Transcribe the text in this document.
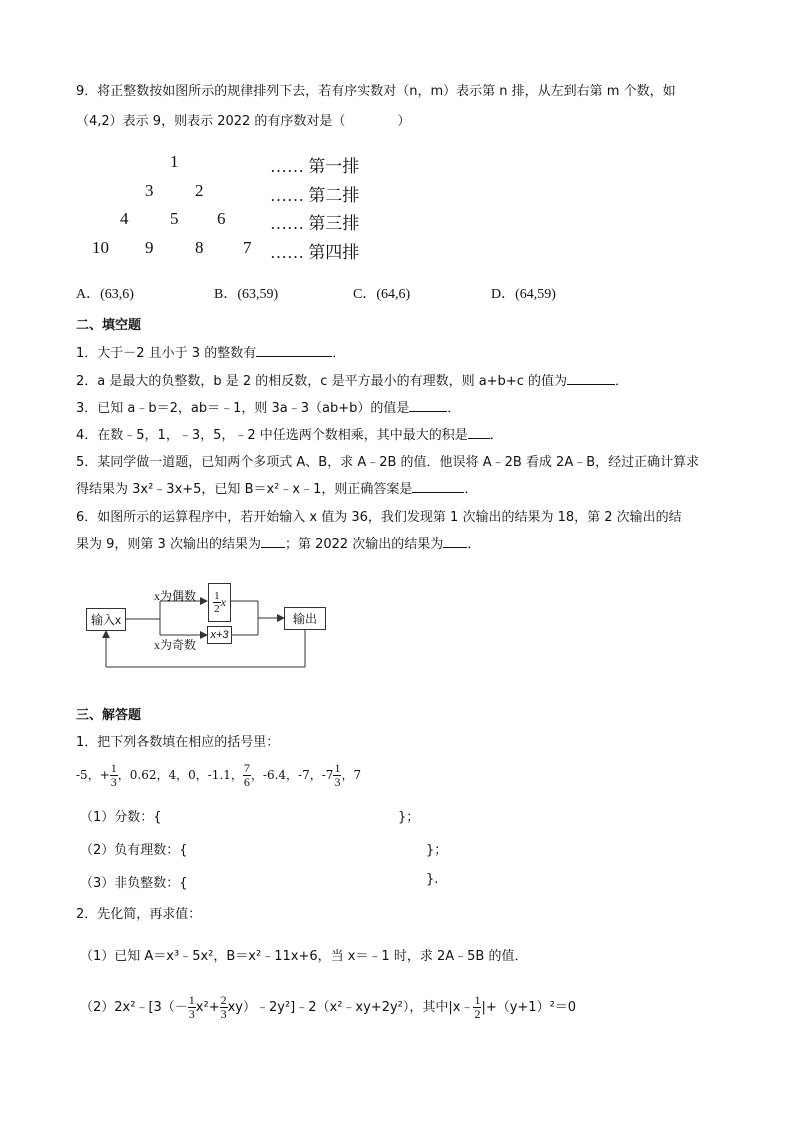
9．将正整数按如图所示的规律排列下去，若有序实数对（n，m）表示第 n 排，从左到右第 m 个数，如
（4,2）表示 9，则表示 2022 的有序数对是（　　　　）
1	…… 第一排
3 2	…… 第二排
4 5 6	…… 第三排
10 9 8 7 …… 第四排
A．(63,6)	B．(63,59)	C．(64,6)	D．(64,59)
二、填空题
1．大于－2 且小于 3 的整数有	．
2．a 是最大的负整数，b 是 2 的相反数，c 是平方最小的有理数，则 a+b+c 的值为	．
3．已知 a﹣b＝2，ab＝﹣1，则 3a﹣3（ab+b）的值是	．
4．在数﹣5，1，﹣3，5，﹣2 中任选两个数相乘，其中最大的积是 ．
5．某同学做一道题，已知两个多项式 A、B，求 A﹣2B 的值．他误将 A﹣2B 看成 2A﹣B，经过正确计算求
得结果为 3x²﹣3x+5，已知 B＝x²﹣x﹣1，则正确答案是	．
6．如图所示的运算程序中，若开始输入 x 值为 36，我们发现第 1 次输出的结果为 18，第 2 次输出的结
果为 9，则第 3 次输出的结果为 ；第 2022 次输出的结果为 ．
输入x	输出
$\frac{1}{2}$ x
x+3
x为偶数
x为奇数
三、解答题
1．把下列各数填在相应的括号里：
-5，+ $\frac{1}{3}$ ，0.62，4，0，-1.1， $\frac{7}{6}$ ，-6.4，-7，$-7 \frac{1}{3}$ ，7
（1）分数：{	}；
（2）负有理数：{	}；
（3）非负整数：{	}.
2．先化简，再求值：
（1）已知 A＝x³﹣5x²，B＝x²﹣11x+6，当 x＝﹣1 时，求 2A﹣5B 的值．
（2）2x²﹣[3（－ $\frac{1}{3} x^2+ \frac{2}{3}$ xy）﹣2y²]﹣2（x²﹣xy+2y²），其中|x﹣ $\frac{1}{2} |+(y+1)^2=0$
